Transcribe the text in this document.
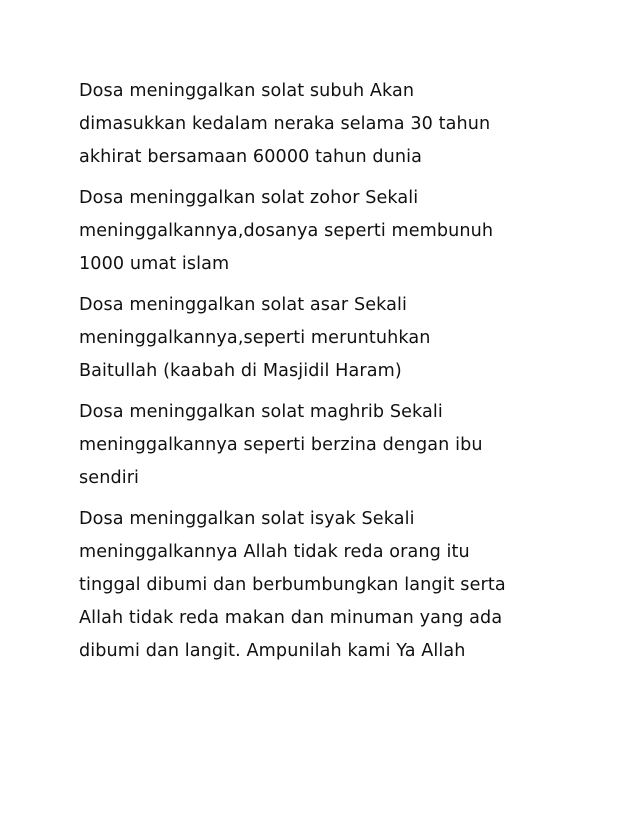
Dosa meninggalkan solat subuh Akan
dimasukkan kedalam neraka selama 30 tahun
akhirat bersamaan 60000 tahun dunia

Dosa meninggalkan solat zohor Sekali
meninggalkannya,dosanya seperti membunuh
1000 umat islam

Dosa meninggalkan solat asar Sekali
meninggalkannya,seperti meruntuhkan
Baitullah (kaabah di Masjidil Haram)

Dosa meninggalkan solat maghrib Sekali
meninggalkannya seperti berzina dengan ibu
sendiri

Dosa meninggalkan solat isyak Sekali
meninggalkannya Allah tidak reda orang itu
tinggal dibumi dan berbumbungkan langit serta
Allah tidak reda makan dan minuman yang ada
dibumi dan langit. Ampunilah kami Ya Allah
